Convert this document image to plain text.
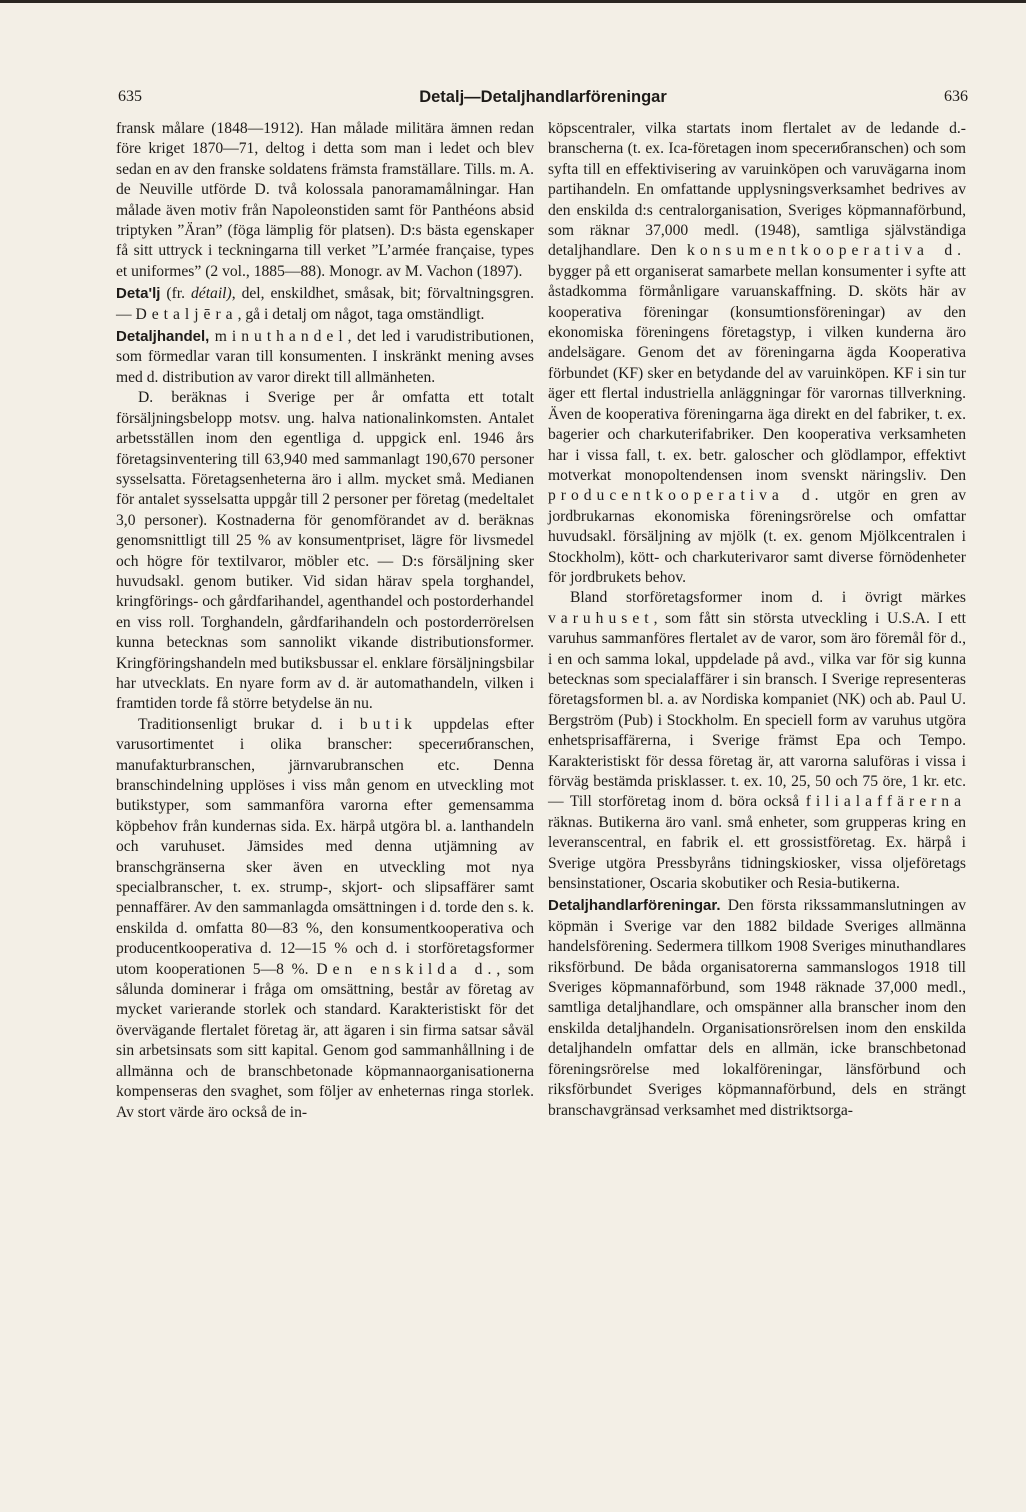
635	Detalj—Detaljhandlarföreningar	636

fransk målare (1848—1912). Han målade militära ämnen redan före kriget 1870—71, deltog i detta som man i ledet och blev sedan en av den franske soldatens främsta framställare. Tills. m. A. de Neuville utförde D. två kolossala panoramamålningar. Han målade även motiv från Napoleonstiden samt för Panthéons absid triptyken ”Äran” (föga lämplig för platsen). D:s bästa egenskaper få sitt uttryck i teckningarna till verket ”L’armée française, types et uniformes” (2 vol., 1885—88). Monogr. av M. Vachon (1897).

Deta'lj (fr. détail), del, enskildhet, småsak, bit; förvaltningsgren. — Detaljēra, gå i detalj om något, taga omständligt.

Detaljhandel, minuthandel, det led i varudistributionen, som förmedlar varan till konsumenten. I inskränkt mening avses med d. distribution av varor direkt till allmänheten.

D. beräknas i Sverige per år omfatta ett totalt försäljningsbelopp motsv. ung. halva nationalinkomsten. Antalet arbetsställen inom den egentliga d. uppgick enl. 1946 års företagsinventering till 63,940 med sammanlagt 190,670 personer sysselsatta. Företagsenheterna äro i allm. mycket små. Medianen för antalet sysselsatta uppgår till 2 personer per företag (medeltalet 3,0 personer). Kostnaderna för genomförandet av d. beräknas genomsnittligt till 25 % av konsumentpriset, lägre för livsmedel och högre för textilvaror, möbler etc. — D:s försäljning sker huvudsakl. genom butiker. Vid sidan härav spela torghandel, kringförings- och gårdfarihandel, agenthandel och postorderhandel en viss roll. Torghandeln, gårdfarihandeln och postorderrörelsen kunna betecknas som sannolikt vikande distributionsformer. Kringföringshandeln med butiksbussar el. enklare försäljningsbilar har utvecklats. En nyare form av d. är automathandeln, vilken i framtiden torde få större betydelse än nu.

Traditionsenligt brukar d. i butik uppdelas efter varusortimentet i olika branscher: specerибranschen, manufakturbranschen, järnvarubranschen etc. Denna branschindelning upplöses i viss mån genom en utveckling mot butikstyper, som sammanföra varorna efter gemensamma köpbehov från kundernas sida. Ex. härpå utgöra bl. a. lanthandeln och varuhuset. Jämsides med denna utjämning av branschgränserna sker även en utveckling mot nya specialbranscher, t. ex. strump-, skjort- och slipsaffärer samt pennaffärer. Av den sammanlagda omsättningen i d. torde den s. k. enskilda d. omfatta 80—83 %, den konsumentkooperativa och producentkooperativa d. 12—15 % och d. i storföretagsformer utom kooperationen 5—8 %. Den enskilda d., som sålunda dominerar i fråga om omsättning, består av företag av mycket varierande storlek och standard. Karakteristiskt för det övervägande flertalet företag är, att ägaren i sin firma satsar såväl sin arbetsinsats som sitt kapital. Genom god sammanhållning i de allmänna och de branschbetonade köpmannaorganisationerna kompenseras den svaghet, som följer av enheternas ringa storlek. Av stort värde äro också de in-

köpscentraler, vilka startats inom flertalet av de ledande d.-branscherna (t. ex. Ica-företagen inom specerибranschen) och som syfta till en effektivisering av varuinköpen och varuvägarna inom partihandeln. En omfattande upplysningsverksamhet bedrives av den enskilda d:s centralorganisation, Sveriges köpmannaförbund, som räknar 37,000 medl. (1948), samtliga självständiga detaljhandlare. Den konsumentkooperativa d. bygger på ett organiserat samarbete mellan konsumenter i syfte att åstadkomma förmånligare varuanskaffning. D. sköts här av kooperativa föreningar (konsumtionsföreningar) av den ekonomiska föreningens företagstyp, i vilken kunderna äro andelsägare. Genom det av föreningarna ägda Kooperativa förbundet (KF) sker en betydande del av varuinköpen. KF i sin tur äger ett flertal industriella anläggningar för varornas tillverkning. Även de kooperativa föreningarna äga direkt en del fabriker, t. ex. bagerier och charkuterifabriker. Den kooperativa verksamheten har i vissa fall, t. ex. betr. galoscher och glödlampor, effektivt motverkat monopoltendensen inom svenskt näringsliv. Den producentkooperativa d. utgör en gren av jordbrukarnas ekonomiska föreningsrörelse och omfattar huvudsakl. försäljning av mjölk (t. ex. genom Mjölkcentralen i Stockholm), kött- och charkuterivaror samt diverse förnödenheter för jordbrukets behov.

Bland storföretagsformer inom d. i övrigt märkes varuhuset, som fått sin största utveckling i U.S.A. I ett varuhus sammanföres flertalet av de varor, som äro föremål för d., i en och samma lokal, uppdelade på avd., vilka var för sig kunna betecknas som specialaffärer i sin bransch. I Sverige representeras företagsformen bl. a. av Nordiska kompaniet (NK) och ab. Paul U. Bergström (Pub) i Stockholm. En speciell form av varuhus utgöra enhetsprisaffärerna, i Sverige främst Epa och Tempo. Karakteristiskt för dessa företag är, att varorna saluföras i vissa i förväg bestämda prisklasser. t. ex. 10, 25, 50 och 75 öre, 1 kr. etc. — Till storföretag inom d. böra också filialaffärerna räknas. Butikerna äro vanl. små enheter, som grupperas kring en leveranscentral, en fabrik el. ett grossistföretag. Ex. härpå i Sverige utgöra Pressbyråns tidningskiosker, vissa oljeföretags bensinstationer, Oscaria skobutiker och Resia-butikerna.

Detaljhandlarföreningar. Den första rikssammanslutningen av köpmän i Sverige var den 1882 bildade Sveriges allmänna handelsförening. Sedermera tillkom 1908 Sveriges minuthandlares riksförbund. De båda organisatorerna sammanslogos 1918 till Sveriges köpmannaförbund, som 1948 räknade 37,000 medl., samtliga detaljhandlare, och omspänner alla branscher inom den enskilda detaljhandeln. Organisationsrörelsen inom den enskilda detaljhandeln omfattar dels en allmän, icke branschbetonad föreningsrörelse med lokalföreningar, länsförbund och riksförbundet Sveriges köpmannaförbund, dels en strängt branschavgränsad verksamhet med distriktsorga-
